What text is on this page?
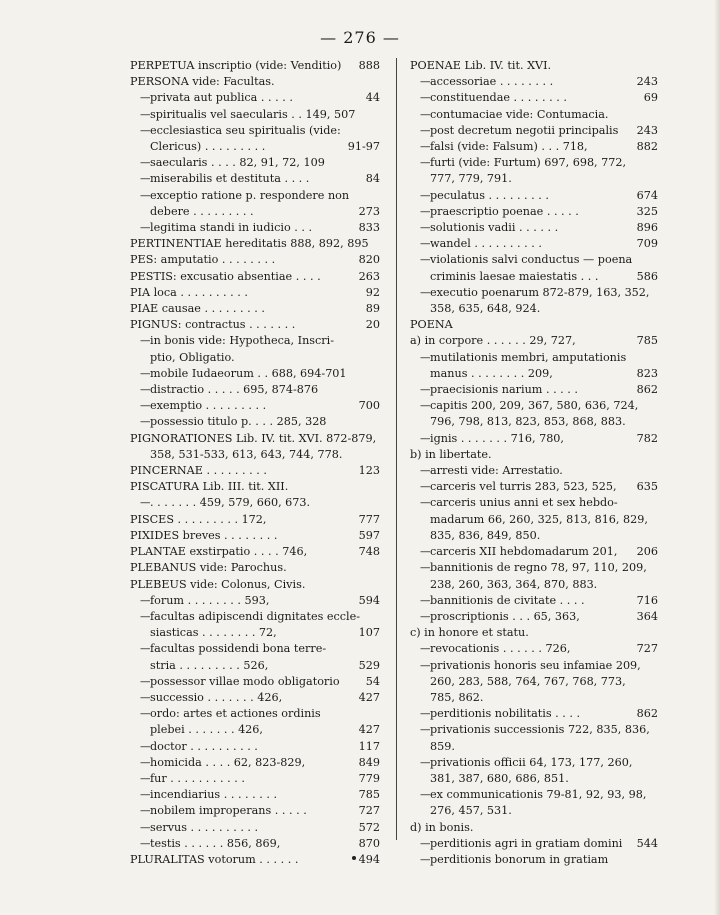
— 276 —
PERPETUA inscriptio (vide: Venditio) 888
PERSONA vide: Facultas.
— privata aut publica . . . . .	44
— spiritualis vel saecularis . . 149, 507
— ecclesiastica seu spiritualis (vide:
Clericus) . . . . . . . . .	91-97
— saecularis . . . . 82, 91, 72, 109
— miserabilis et destituta . . . .	84
— exceptio ratione p. respondere non
debere . . . . . . . . .	273
— legitima standi in iudicio . . .	833
PERTINENTIAE hereditatis 888, 892, 895
PES: amputatio . . . . . . . .	820
PESTIS: excusatio absentiae . . . .	263
PIA loca . . . . . . . . . .	92
PIAE causae . . . . . . . . .	89
PIGNUS: contractus . . . . . . .	20
— in bonis vide: Hypotheca, Inscri-
ptio, Obligatio.
— mobile Iudaeorum . . 688, 694-701
— distractio . . . . . 695, 874-876
— exemptio . . . . . . . . .	700
— possessio titulo p. . . . 285, 328
PIGNORATIONES Lib. IV. tit. XVI. 872-879,
358, 531-533, 613, 643, 744, 778.
PINCERNAE . . . . . . . . .	123
PISCATURA Lib. III. tit. XII.
— . . . . . . . 459, 579, 660, 673.
PISCES . . . . . . . . . 172,	777
PIXIDES breves . . . . . . . .	597
PLANTAE exstirpatio . . . . 746,	748
PLEBANUS vide: Parochus.
PLEBEUS vide: Colonus, Civis.
— forum . . . . . . . . 593,	594
— facultas adipiscendi dignitates eccle-
siasticas . . . . . . . . 72,	107
— facultas possidendi bona terre-
stria . . . . . . . . . 526,	529
— possessor villae modo obligatorio 54
— successio . . . . . . . 426,	427
— ordo: artes et actiones ordinis
plebei . . . . . . . 426,	427
— doctor . . . . . . . . . .	117
— homicida . . . . 62, 823-829,	849
— fur . . . . . . . . . . .	779
— incendiarius . . . . . . . .	785
— nobilem improperans . . . . .	727
— servus . . . . . . . . . .	572
— testis . . . . . . 856, 869,	870
PLURALITAS votorum . . . . . .	494
POENAE Lib. IV. tit. XVI.
— accessoriae . . . . . . . .	243
— constituendae . . . . . . . .	69
— contumaciae vide: Contumacia.
— post decretum negotii principalis 243
— falsi (vide: Falsum) . . . 718,	882
— furti (vide: Furtum) 697, 698, 772,
777, 779, 791.
— peculatus . . . . . . . . .	674
— praescriptio poenae . . . . .	325
— solutionis vadii . . . . . .	896
— wandel . . . . . . . . . .	709
— violationis salvi conductus — poena
criminis laesae maiestatis . . .	586
— executio poenarum 872-879, 163, 352,
358, 635, 648, 924.
POENA
a) in corpore . . . . . . 29, 727,	785
— mutilationis membri, amputationis
manus . . . . . . . . 209,	823
— praecisionis narium . . . . .	862
— capitis 200, 209, 367, 580, 636, 724,
796, 798, 813, 823, 853, 868, 883.
— ignis . . . . . . . 716, 780,	782
b) in libertate.
— arresti vide: Arrestatio.
— carceris vel turris 283, 523, 525, 635
— carceris unius anni et sex hebdo-
madarum 66, 260, 325, 813, 816, 829,
835, 836, 849, 850.
— carceris XII hebdomadarum 201, 206
— bannitionis de regno 78, 97, 110, 209,
238, 260, 363, 364, 870, 883.
— bannitionis de civitate . . . .	716
— proscriptionis . . . 65, 363,	364
c) in honore et statu.
— revocationis . . . . . . 726,	727
— privationis honoris seu infamiae 209,
260, 283, 588, 764, 767, 768, 773,
785, 862.
— perditionis nobilitatis . . . .	862
— privationis successionis 722, 835, 836,
859.
— privationis officii 64, 173, 177, 260,
381, 387, 680, 686, 851.
— ex communicationis 79-81, 92, 93, 98,
276, 457, 531.
d) in bonis.
— perditionis agri in gratiam domini 544
— perditionis bonorum in gratiam
